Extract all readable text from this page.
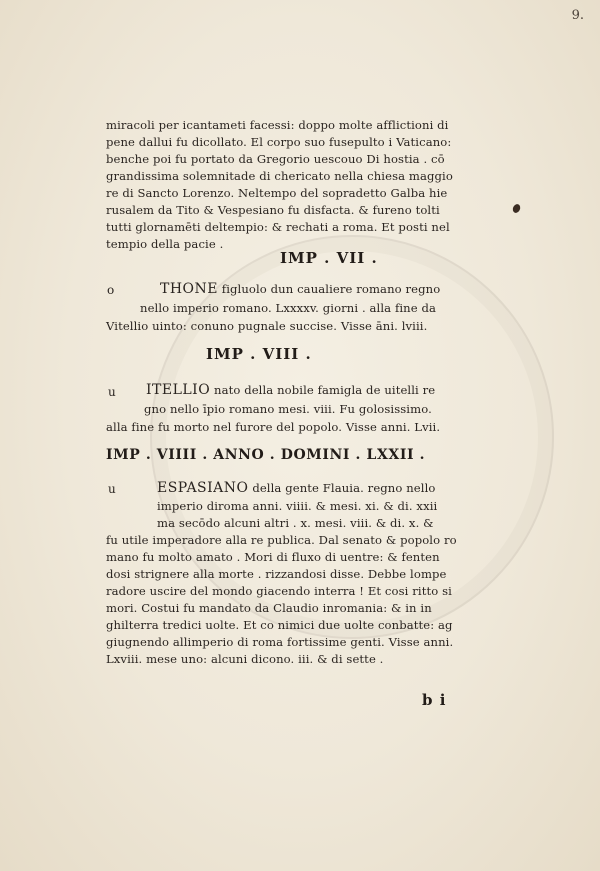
9.
miracoli per icantameti facessi: doppo molte afflictioni di
pene dallui fu dicollato. El corpo suo fusepulto i Vaticano:
benche poi fu portato da Gregorio uescouo Di hostia . cō
grandissima solemnitade di chericato nella chiesa maggio
re di Sancto Lorenzo. Neltempo del sopradetto Galba hie
rusalem da Tito & Vespesiano fu disfacta. & fureno tolti
tutti glornamēti deltempio: & rechati a roma. Et posti nel
tempio della pacie .
IMP . VII .
o	THONE figluolo dun caualiere romano regno
nello imperio romano. Lxxxxv. giorni . alla fine da
Vitellio uinto: conuno pugnale succise. Visse āni. lviii.
IMP . VIII .
u ITELLIO nato della nobile famigla de uitelli re
gno nello īpio romano mesi. viii. Fu golosissimo.
alla fine fu morto nel furore del popolo. Visse anni. Lvii.
IMP . VIIII . ANNO . DOMINI . LXXII .
u	ESPASIANO della gente Flauia. regno nello
imperio diroma anni. viiii. & mesi. xi. & di. xxii
ma secōdo alcuni altri . x. mesi. viii. & di. x. &
fu utile imperadore alla re publica. Dal senato & popolo ro
mano fu molto amato . Mori di fluxo di uentre: & fenten
dosi strignere alla morte . rizzandosi disse. Debbe lompe
radore uscire del mondo giacendo interra ! Et cosi ritto si
mori. Costui fu mandato da Claudio inromania: & in in
ghilterra tredici uolte. Et co nimici due uolte conbatte: ag
giugnendo allimperio di roma fortissime genti. Visse anni.
Lxviii. mese uno: alcuni dicono. iii. & di sette .
b i
